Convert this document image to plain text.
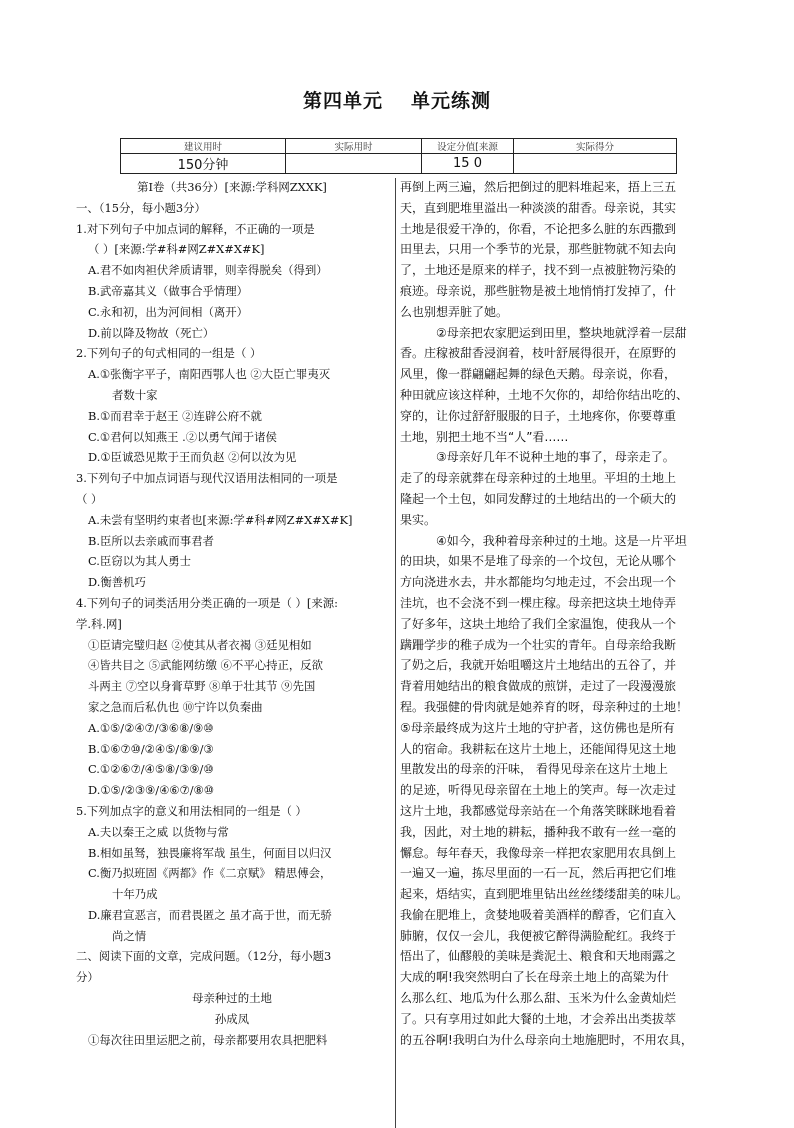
第四单元 单元练测
建议用时	实际用时	设定分值[来源	实际得分
150分钟		15 0	
第Ⅰ卷（共36分）[来源:学科网ZXXK]
一、（15分，每小题3分）
1.对下列句子中加点词的解释，不正确的一项是
（ ）[来源:学#科#网Z#X#X#K]
A.君不如肉袒伏斧质请罪，则幸得脱矣（得到）
B.武帝嘉其义（做事合乎情理）
C.永和初，出为河间相（离开）
D.前以降及物故（死亡）
2.下列句子的句式相同的一组是（ ）
A.①张衡字平子，南阳西鄂人也 ②大臣亡罪夷灭
者数十家
B.①而君幸于赵王 ②连辟公府不就
C.①君何以知燕王 .②以勇气闻于诸侯
D.①臣诚恐见欺于王而负赵 ②何以汝为见
3.下列句子中加点词语与现代汉语用法相同的一项是
（ ）
A.未尝有坚明约束者也[来源:学#科#网Z#X#X#K]
B.臣所以去亲戚而事君者
C.臣窃以为其人勇士
D.衡善机巧
4.下列句子的词类活用分类正确的一项是（ ）[来源:
学.科.网]
①臣请完璧归赵 ②使其从者衣褐 ③廷见相如
④皆共目之 ⑤武能网纺缴 ⑥不平心持正，反欲
斗两主 ⑦空以身膏草野 ⑧单于壮其节 ⑨先国
家之急而后私仇也 ⑩宁许以负秦曲
A.①⑤/②④⑦/③⑥⑧/⑨⑩
B.①⑥⑦⑩/②④⑤/⑧⑨/③
C.①②⑥⑦/④⑤⑧/③⑨/⑩
D.①⑤/②③⑨/④⑥⑦/⑧⑩
5.下列加点字的意义和用法相同的一组是（ ）
A.夫以秦王之威 以货物与常
B.相如虽驽，独畏廉将军哉 虽生，何面目以归汉
C.衡乃拟班固《两都》作《二京赋》 精思傅会，
十年乃成
D.廉君宣恶言，而君畏匿之 虽才高于世，而无骄
尚之情
二、阅读下面的文章，完成问题。（12分，每小题3
分）
母亲种过的土地
孙成凤
①每次往田里运肥之前，母亲都要用农具把肥料
再倒上两三遍，然后把倒过的肥料堆起来，捂上三五
天，直到肥堆里溢出一种淡淡的甜香。母亲说，其实
土地是很爱干净的，你看，不论把多么脏的东西撒到
田里去，只用一个季节的光景，那些脏物就不知去向
了，土地还是原来的样子，找不到一点被脏物污染的
痕迹。母亲说，那些脏物是被土地悄悄打发掉了，什
么也别想弄脏了她。
②母亲把农家肥运到田里，整块地就浮着一层甜
香。庄稼被甜香浸润着，枝叶舒展得很开，在原野的
风里，像一群翩翩起舞的绿色天鹅。母亲说，你看，
种田就应该这样种，土地不欠你的，却给你结出吃的、
穿的，让你过舒舒服服的日子，土地疼你，你要尊重
土地，别把土地不当“人”看……
③母亲好几年不说种土地的事了，母亲走了。
走了的母亲就葬在母亲种过的土地里。平坦的土地上
隆起一个土包，如同发酵过的土地结出的一个硕大的
果实。
④如今，我种着母亲种过的土地。这是一片平坦
的田块，如果不是堆了母亲的一个坟包，无论从哪个
方向浇进水去，井水都能均匀地走过，不会出现一个
洼坑，也不会浇不到一棵庄稼。母亲把这块土地侍弄
了好多年，这块土地给了我们全家温饱，使我从一个
蹒跚学步的稚子成为一个壮实的青年。自母亲给我断
了奶之后，我就开始咀嚼这片土地结出的五谷了，并
背着用她结出的粮食做成的煎饼，走过了一段漫漫旅
程。我强健的骨肉就是她养育的呀，母亲种过的土地！
⑤母亲最终成为这片土地的守护者，这仿佛也是所有
人的宿命。我耕耘在这片土地上，还能闻得见这土地
里散发出的母亲的汗味， 看得见母亲在这片土地上
的足迹，听得见母亲留在土地上的笑声。每一次走过
这片土地，我都感觉母亲站在一个角落笑眯眯地看着
我，因此，对土地的耕耘，播种我不敢有一丝一毫的
懈怠。每年春天，我像母亲一样把农家肥用农具倒上
一遍又一遍，拣尽里面的一石一瓦，然后再把它们堆
起来，焐结实，直到肥堆里钻出丝丝缕缕甜美的味儿。
我偷在肥堆上，贪婪地吸着美酒样的醇香，它们直入
肺腑，仅仅一会儿，我便被它醉得满脸酡红。我终于
悟出了，仙醪般的美味是粪泥土、粮食和天地雨露之
大成的啊!我突然明白了长在母亲土地上的高粱为什
么那么红、地瓜为什么那么甜、玉米为什么金黄灿烂
了。只有享用过如此大餐的土地，才会养出出类拔萃
的五谷啊!我明白为什么母亲向土地施肥时，不用农具，
